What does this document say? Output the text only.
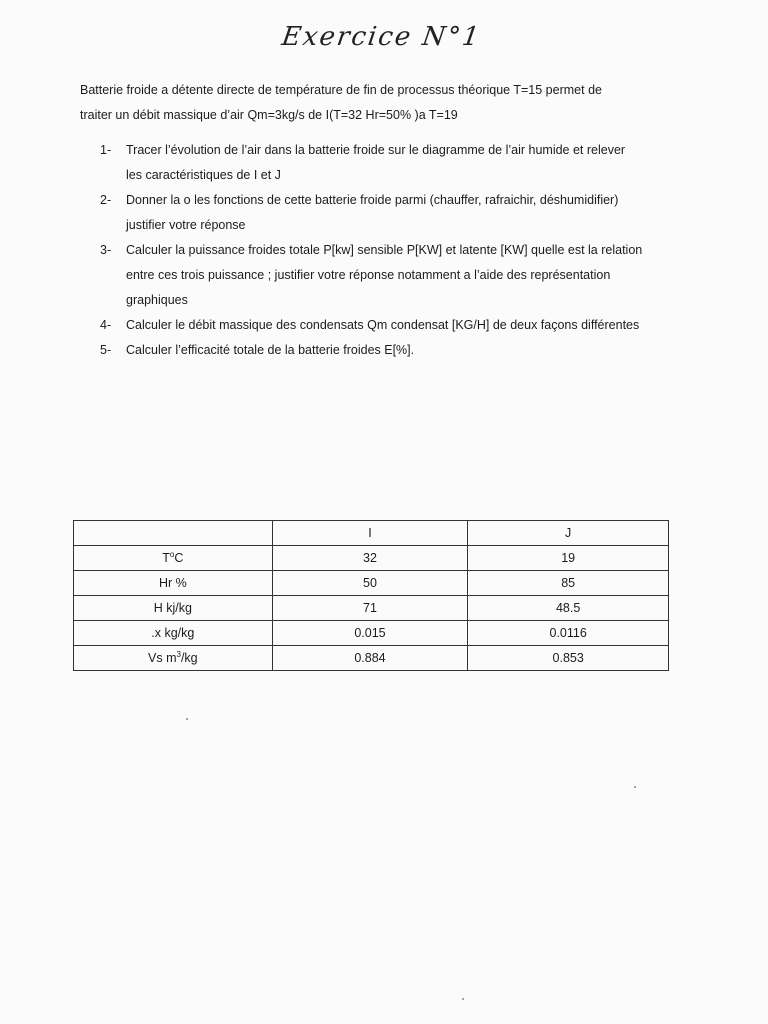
Exercice N°1

Batterie froide a détente directe de température de fin de processus théorique T=15 permet de

traiter un débit massique d’air Qm=3kg/s de I(T=32 Hr=50% )a T=19

1-	Tracer l’évolution de l’air dans la batterie froide sur le diagramme de l’air humide et relever
les caractéristiques de I et J
2-	Donner la o les fonctions de cette batterie froide parmi (chauffer, rafraichir, déshumidifier)
justifier votre réponse
3-	Calculer la puissance froides totale P[kw] sensible P[KW] et latente [KW] quelle est la relation
entre ces trois puissance ; justifier votre réponse notamment a l’aide des représentation
graphiques
4-	Calculer le débit massique des condensats Qm condensat [KG/H] de deux façons différentes
5-	Calculer l’efficacité totale de la batterie froides E[%].
	I	J
$T^oC$	32	19
Hr %	50	85
H kj/kg	71	48.5
.x kg/kg	0.015	0.0116
Vs $m^3/kg$	0.884	0.853
